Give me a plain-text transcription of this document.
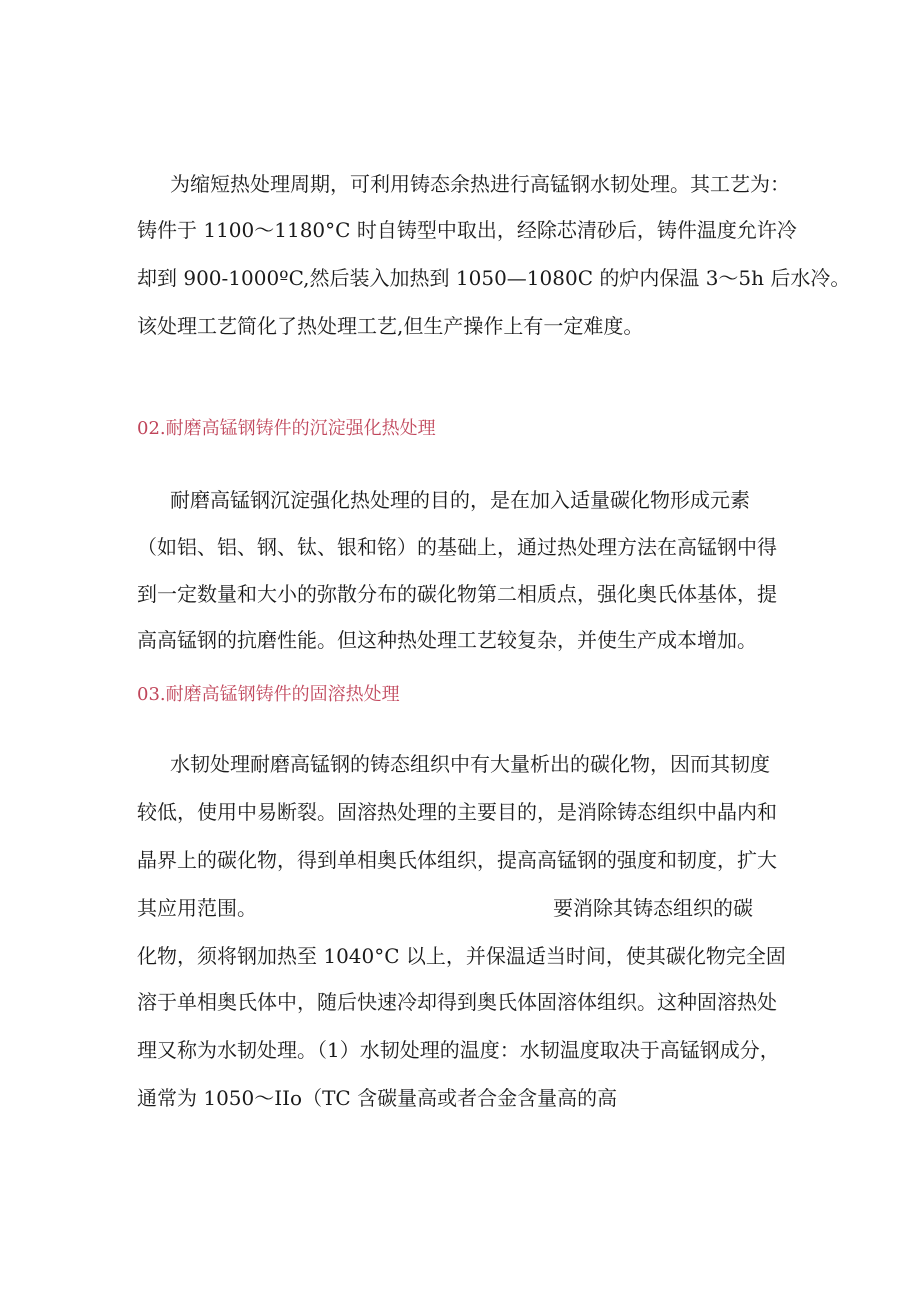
为缩短热处理周期，可利用铸态余热进行高锰钢水韧处理。其工艺为：
铸件于 1100～1180°C 时自铸型中取出，经除芯清砂后，铸件温度允许冷
却到 900-1000ºC,然后装入加热到 1050—1080C 的炉内保温 3～5h 后水冷。
该处理工艺简化了热处理工艺,但生产操作上有一定难度。
02.耐磨高锰钢铸件的沉淀强化热处理
耐磨高锰钢沉淀强化热处理的目的，是在加入适量碳化物形成元素
（如铝、铝、钢、钛、银和铭）的基础上，通过热处理方法在高锰钢中得
到一定数量和大小的弥散分布的碳化物第二相质点，强化奥氏体基体，提
高高锰钢的抗磨性能。但这种热处理工艺较复杂，并使生产成本增加。
03.耐磨高锰钢铸件的固溶热处理
水韧处理耐磨高锰钢的铸态组织中有大量析出的碳化物，因而其韧度
较低，使用中易断裂。固溶热处理的主要目的，是消除铸态组织中晶内和
晶界上的碳化物，得到单相奥氏体组织，提高高锰钢的强度和韧度，扩大
其应用范围。	要消除其铸态组织的碳
化物，须将钢加热至 1040°C 以上，并保温适当时间，使其碳化物完全固
溶于单相奥氏体中，随后快速冷却得到奥氏体固溶体组织。这种固溶热处
理又称为水韧处理。（1）水韧处理的温度：水韧温度取决于高锰钢成分，
通常为 1050～IIo（TC 含碳量高或者合金含量高的高
